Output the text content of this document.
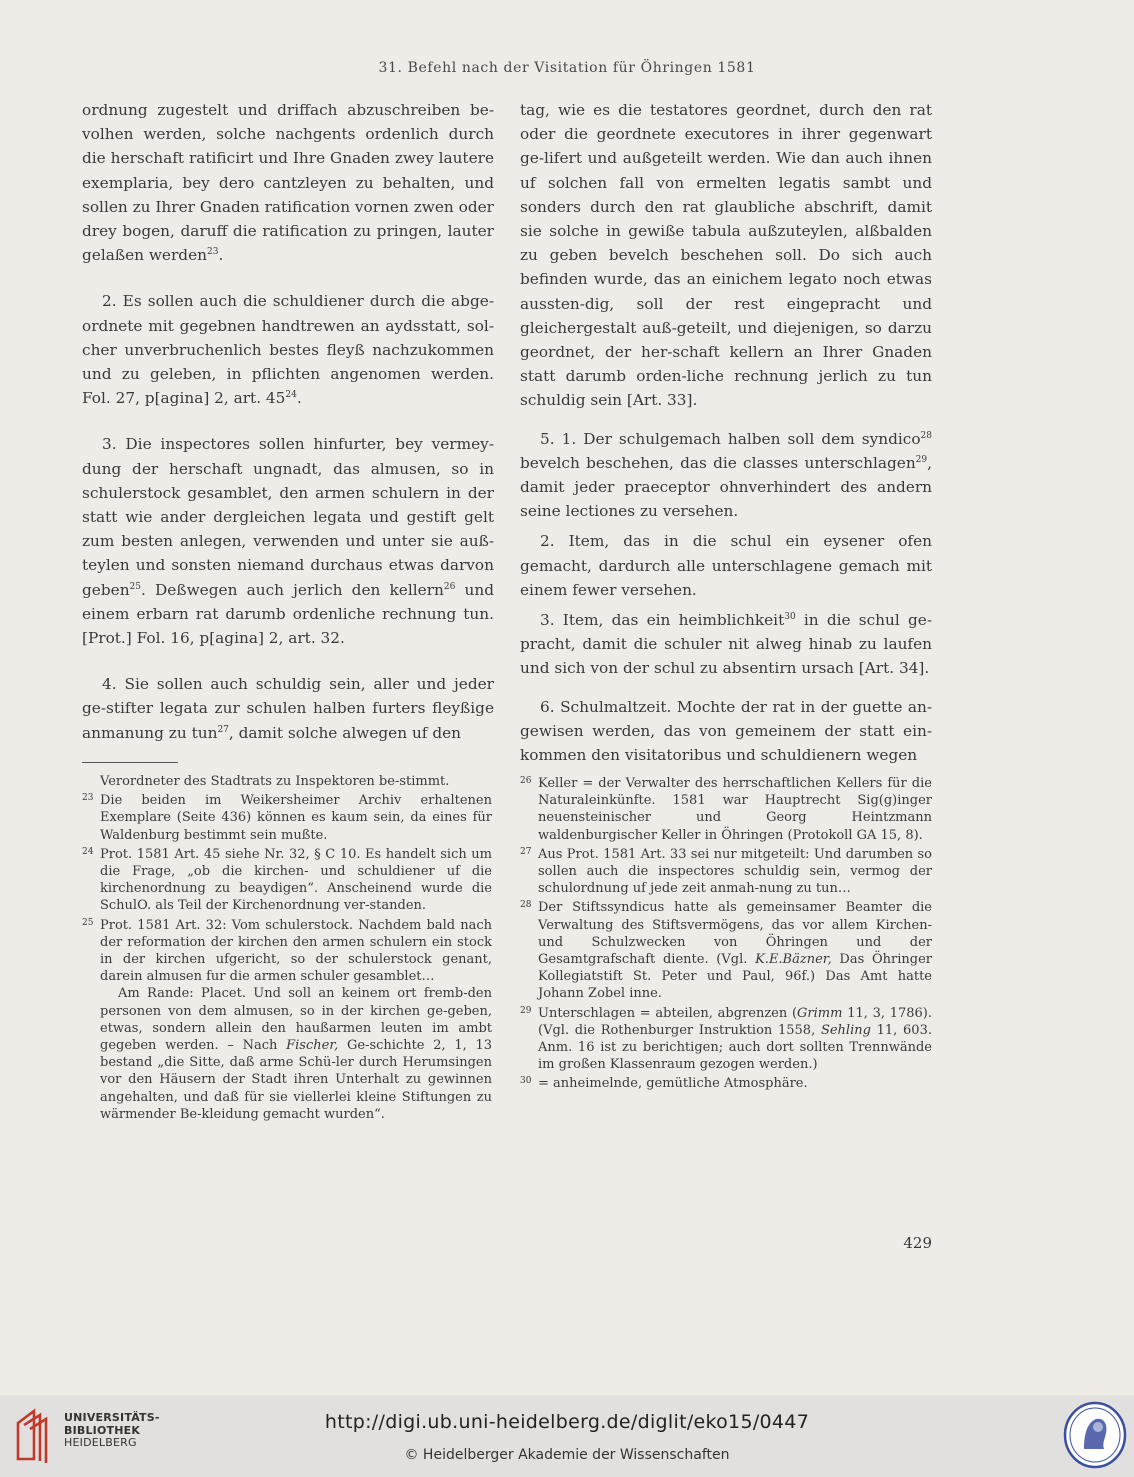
31. Befehl nach der Visitation für Öhringen 1581

ordnung zugestelt und driffach abzuschreiben be-volhen werden, solche nachgents ordenlich durch die herschaft ratificirt und Ihre Gnaden zwey lautere exemplaria, bey dero cantzleyen zu behalten, und sollen zu Ihrer Gnaden ratification vornen zwen oder drey bogen, daruff die ratification zu pringen, lauter gelaßen werden$^{23}$.

2. Es sollen auch die schuldiener durch die abge-ordnete mit gegebnen handtrewen an aydsstatt, sol-cher unverbruchenlich bestes fleyß nachzukommen und zu geleben, in pflichten angenomen werden. Fol. 27, p[agina] 2, art. $45^{24}$.

3. Die inspectores sollen hinfurter, bey vermey-dung der herschaft ungnadt, das almusen, so in schulerstock gesamblet, den armen schulern in der statt wie ander dergleichen legata und gestift gelt zum besten anlegen, verwenden und unter sie auß-teylen und sonsten niemand durchaus etwas darvon geben$^{25}$. Deßwegen auch jerlich den kellern$^{26}$ und einem erbarn rat darumb ordenliche rechnung tun. [Prot.] Fol. 16, p[agina] 2, art. 32.

4. Sie sollen auch schuldig sein, aller und jeder ge-stifter legata zur schulen halben furters fleyßige anmanung zu tun$^{27}$, damit solche alwegen uf den

tag, wie es die testatores geordnet, durch den rat oder die geordnete executores in ihrer gegenwart ge-lifert und außgeteilt werden. Wie dan auch ihnen uf solchen fall von ermelten legatis sambt und sonders durch den rat glaubliche abschrift, damit sie solche in gewiße tabula außzuteylen, alßbalden zu geben bevelch beschehen soll. Do sich auch befinden wurde, das an einichem legato noch etwas aussten-dig, soll der rest eingepracht und gleichergestalt auß-geteilt, und diejenigen, so darzu geordnet, der her-schaft kellern an Ihrer Gnaden statt darumb orden-liche rechnung jerlich zu tun schuldig sein [Art. 33].

5. 1. Der schulgemach halben soll dem syndico$^{28}$ bevelch beschehen, das die classes unterschlagen$^{29}$, damit jeder praeceptor ohnverhindert des andern seine lectiones zu versehen.

2. Item, das in die schul ein eysener ofen gemacht, dardurch alle unterschlagene gemach mit einem fewer versehen.

3. Item, das ein heimblichkeit$^{30}$ in die schul ge-pracht, damit die schuler nit alweg hinab zu laufen und sich von der schul zu absentirn ursach [Art. 34].

6. Schulmaltzeit. Mochte der rat in der guette an-gewisen werden, das von gemeinem der statt ein-kommen den visitatoribus und schuldienern wegen

Verordneter des Stadtrats zu Inspektoren be-stimmt.

23 Die beiden im Weikersheimer Archiv erhaltenen Exemplare (Seite 436) können es kaum sein, da eines für Waldenburg bestimmt sein mußte.

24 Prot. 1581 Art. 45 siehe Nr. 32, § C 10. Es handelt sich um die Frage, „ob die kirchen- und schuldiener uf die kirchenordnung zu beaydigen“. Anscheinend wurde die SchulO. als Teil der Kirchenordnung ver-standen.

25 Prot. 1581 Art. 32: Vom schulerstock. Nachdem bald nach der reformation der kirchen den armen schulern ein stock in der kirchen ufgericht, so der schulerstock genant, darein almusen fur die armen schuler gesamblet…

Am Rande: Placet. Und soll an keinem ort fremb-den personen von dem almusen, so in der kirchen ge-geben, etwas, sondern allein den haußarmen leuten im ambt gegeben werden. – Nach Fischer, Ge-schichte 2, 1, 13 bestand „die Sitte, daß arme Schü-ler durch Herumsingen vor den Häusern der Stadt ihren Unterhalt zu gewinnen angehalten, und daß für sie viellerlei kleine Stiftungen zu wärmender Be-kleidung gemacht wurden“.

26 Keller = der Verwalter des herrschaftlichen Kellers für die Naturaleinkünfte. 1581 war Hauptrecht Sig(g)inger neuensteinischer und Georg Heintzmann waldenburgischer Keller in Öhringen (Protokoll GA 15, 8).

27 Aus Prot. 1581 Art. 33 sei nur mitgeteilt: Und darumben so sollen auch die inspectores schuldig sein, vermog der schulordnung uf jede zeit anmah-nung zu tun…

28 Der Stiftssyndicus hatte als gemeinsamer Beamter die Verwaltung des Stiftsvermögens, das vor allem Kirchen- und Schulzwecken von Öhringen und der Gesamtgrafschaft diente. (Vgl. K.E.Bäzner, Das Öhringer Kollegiatstift St. Peter und Paul, 96f.) Das Amt hatte Johann Zobel inne.

29 Unterschlagen = abteilen, abgrenzen (Grimm 11, 3, 1786). (Vgl. die Rothenburger Instruktion 1558, Sehling 11, 603. Anm. 16 ist zu berichtigen; auch dort sollten Trennwände im großen Klassenraum gezogen werden.)

30 = anheimelnde, gemütliche Atmosphäre.

429
UNIVERSITÄTS-
BIBLIOTHEK
HEIDELBERG
http://digi.ub.uni-heidelberg.de/diglit/eko15/0447
© Heidelberger Akademie der Wissenschaften
